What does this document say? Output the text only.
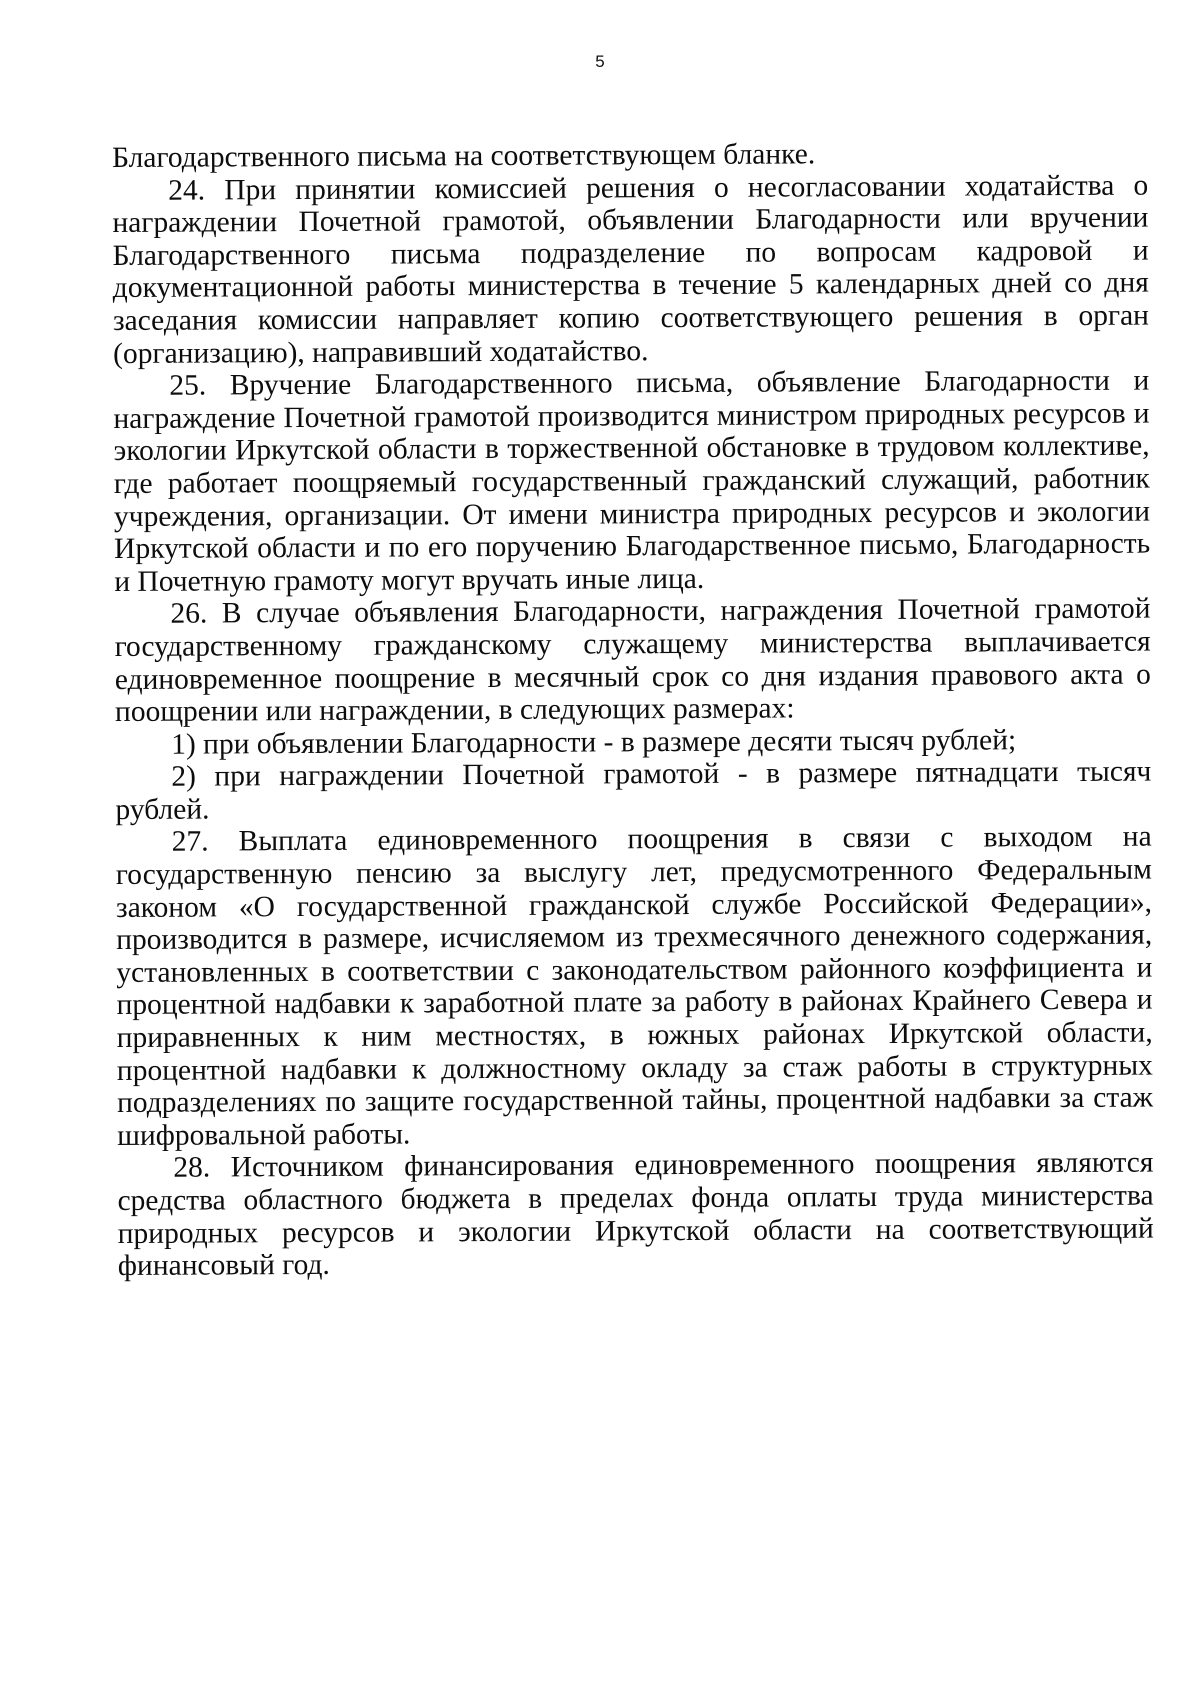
5

Благодарственного письма на соответствующем бланке.

24. При принятии комиссией решения о несогласовании ходатайства о награждении Почетной грамотой, объявлении Благодарности или вручении Благодарственного письма подразделение по вопросам кадровой и документационной работы министерства в течение 5 календарных дней со дня заседания комиссии направляет копию соответствующего решения в орган (организацию), направивший ходатайство.

25. Вручение Благодарственного письма, объявление Благодарности и награждение Почетной грамотой производится министром природных ресурсов и экологии Иркутской области в торжественной обстановке в трудовом коллективе, где работает поощряемый государственный гражданский служащий, работник учреждения, организации. От имени министра природных ресурсов и экологии Иркутской области и по его поручению Благодарственное письмо, Благодарность и Почетную грамоту могут вручать иные лица.

26. В случае объявления Благодарности, награждения Почетной грамотой государственному гражданскому служащему министерства выплачивается единовременное поощрение в месячный срок со дня издания правового акта о поощрении или награждении, в следующих размерах:

1) при объявлении Благодарности - в размере десяти тысяч рублей;

2) при награждении Почетной грамотой - в размере пятнадцати тысяч рублей.

27. Выплата единовременного поощрения в связи с выходом на государственную пенсию за выслугу лет, предусмотренного Федеральным законом «О государственной гражданской службе Российской Федерации», производится в размере, исчисляемом из трехмесячного денежного содержания, установленных в соответствии с законодательством районного коэффициента и процентной надбавки к заработной плате за работу в районах Крайнего Севера и приравненных к ним местностях, в южных районах Иркутской области, процентной надбавки к должностному окладу за стаж работы в структурных подразделениях по защите государственной тайны, процентной надбавки за стаж шифровальной работы.

28. Источником финансирования единовременного поощрения являются средства областного бюджета в пределах фонда оплаты труда министерства природных ресурсов и экологии Иркутской области на соответствующий финансовый год.
